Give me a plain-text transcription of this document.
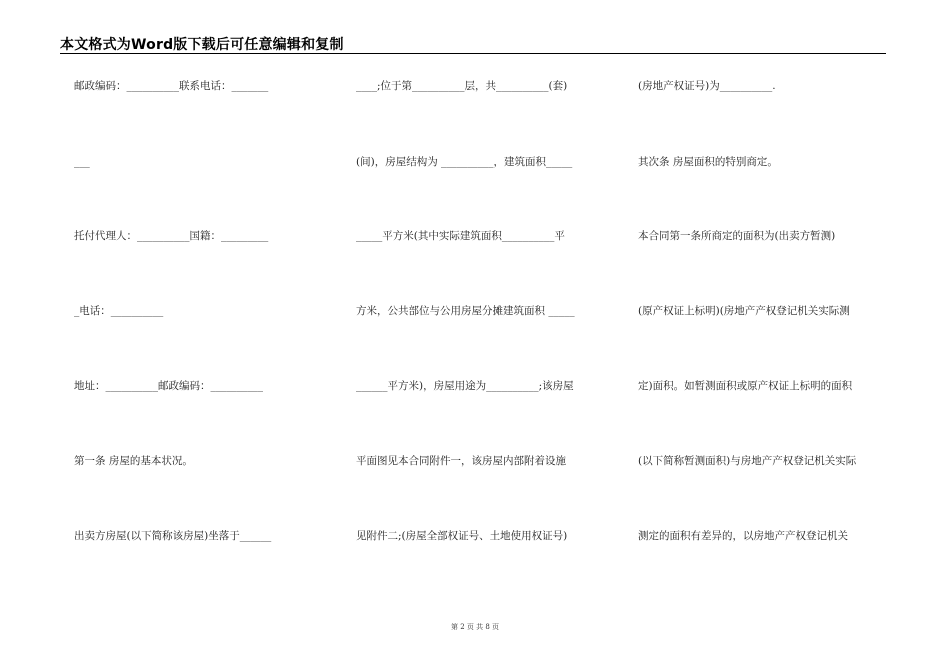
本文格式为Word版下载后可任意编辑和复制
邮政编码：__________联系电话：_______
___
托付代理人：__________国籍：_________
_电话：__________
地址：__________邮政编码：__________
第一条 房屋的基本状况。
出卖方房屋(以下简称该房屋)坐落于______
____;位于第__________层，共__________(套)
(间)，房屋结构为 __________，建筑面积_____
_____平方米(其中实际建筑面积__________平
方米，公共部位与公用房屋分摊建筑面积 _____
______平方米)，房屋用途为__________;该房屋
平面图见本合同附件一，该房屋内部附着设施
见附件二;(房屋全部权证号、土地使用权证号)
(房地产权证号)为__________.
其次条 房屋面积的特别商定。
本合同第一条所商定的面积为(出卖方暂测)
(原产权证上标明)(房地产产权登记机关实际测
定)面积。如暂测面积或原产权证上标明的面积
(以下简称暂测面积)与房地产产权登记机关实际
测定的面积有差异的，以房地产产权登记机关
第 2 页 共 8 页
